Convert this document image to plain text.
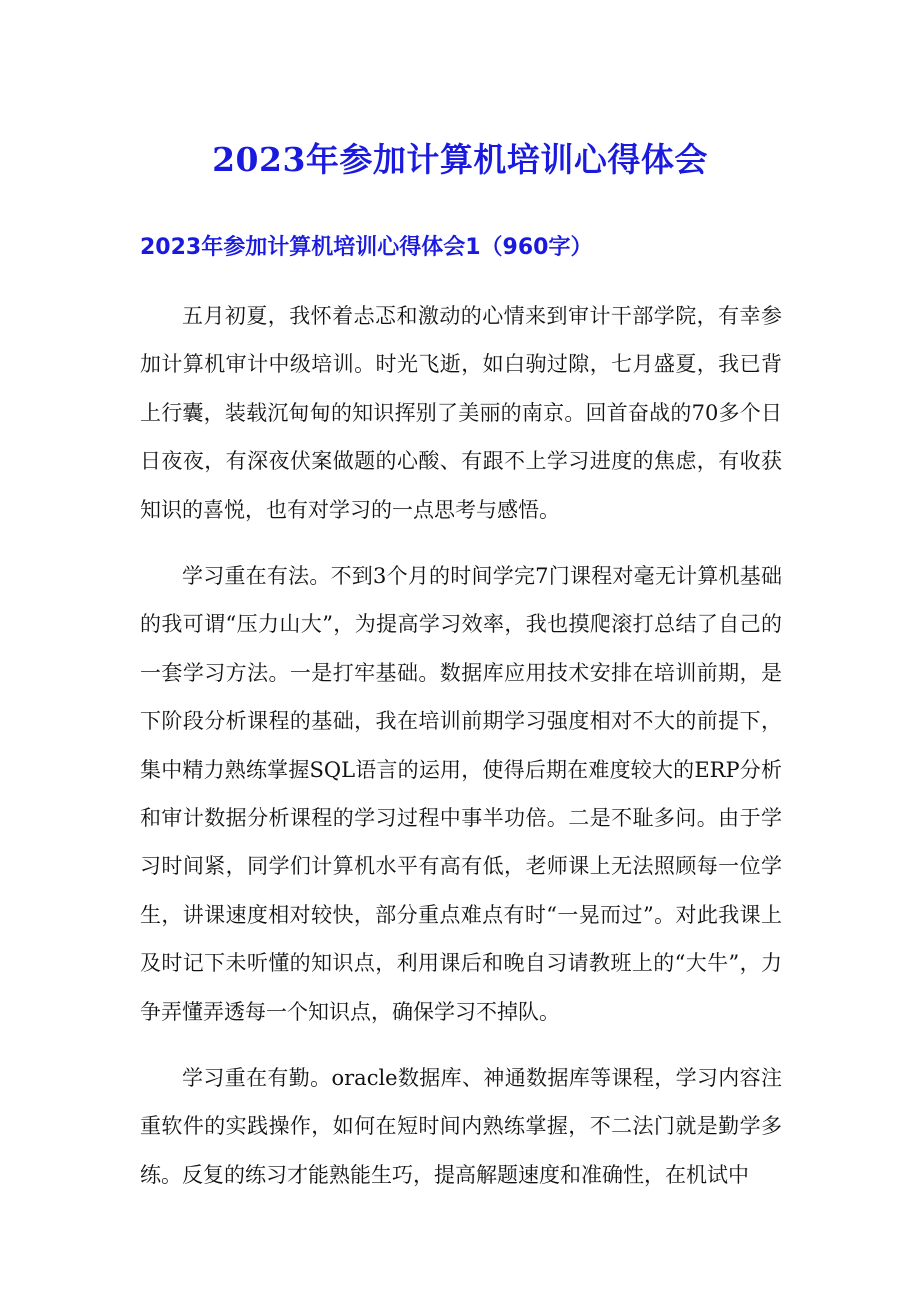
2023年参加计算机培训心得体会
2023年参加计算机培训心得体会1（960字）

五月初夏，我怀着忐忑和激动的心情来到审计干部学院，有幸参加计算机审计中级培训。时光飞逝，如白驹过隙，七月盛夏，我已背上行囊，装载沉甸甸的知识挥别了美丽的南京。回首奋战的70多个日日夜夜，有深夜伏案做题的心酸、有跟不上学习进度的焦虑，有收获知识的喜悦，也有对学习的一点思考与感悟。

学习重在有法。不到3个月的时间学完7门课程对毫无计算机基础的我可谓“压力山大”，为提高学习效率，我也摸爬滚打总结了自己的一套学习方法。一是打牢基础。数据库应用技术安排在培训前期，是下阶段分析课程的基础，我在培训前期学习强度相对不大的前提下，集中精力熟练掌握SQL语言的运用，使得后期在难度较大的ERP分析和审计数据分析课程的学习过程中事半功倍。二是不耻多问。由于学习时间紧，同学们计算机水平有高有低，老师课上无法照顾每一位学生，讲课速度相对较快，部分重点难点有时“一晃而过”。对此我课上及时记下未听懂的知识点，利用课后和晚自习请教班上的“大牛”，力争弄懂弄透每一个知识点，确保学习不掉队。

学习重在有勤。oracle数据库、神通数据库等课程，学习内容注重软件的实践操作，如何在短时间内熟练掌握，不二法门就是勤学多练。反复的练习才能熟能生巧，提高解题速度和准确性，在机试中
